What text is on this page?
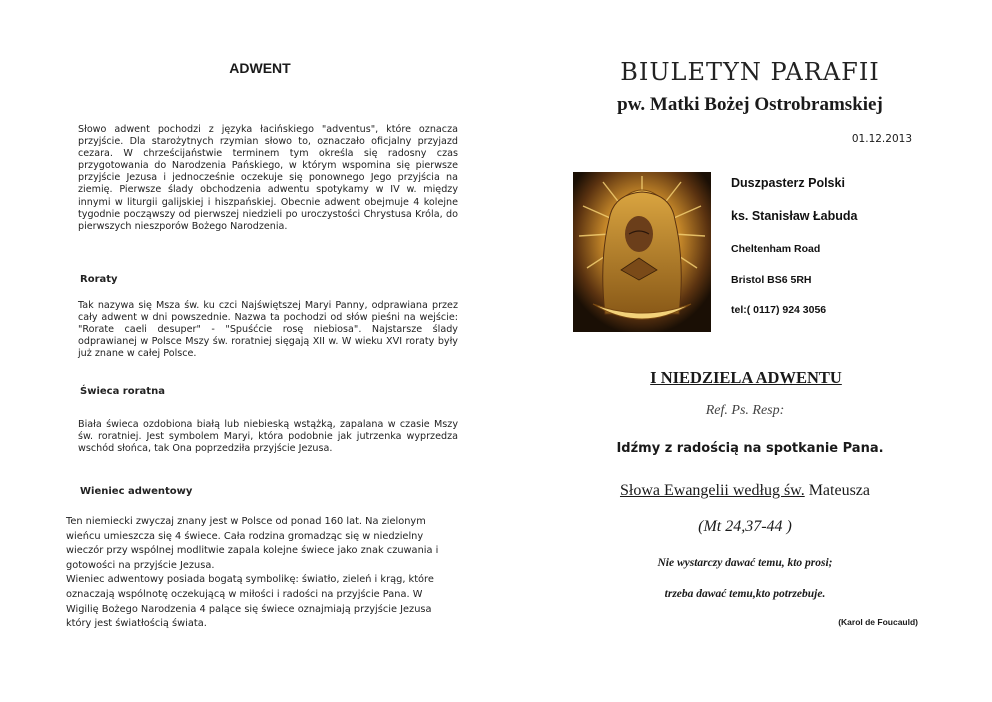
ADWENT
Słowo adwent pochodzi z języka łacińskiego "adventus", które oznacza przyjście. Dla starożytnych rzymian słowo to, oznaczało oficjalny przyjazd cezara. W chrześcijaństwie terminem tym określa się radosny czas przygotowania do Narodzenia Pańskiego, w którym wspomina się pierwsze przyjście Jezusa i jednocześnie oczekuje się ponownego Jego przyjścia na ziemię. Pierwsze ślady obchodzenia adwentu spotykamy w IV w. między innymi w liturgii galijskiej i hiszpańskiej. Obecnie adwent obejmuje 4 kolejne tygodnie począwszy od pierwszej niedzieli po uroczystości Chrystusa Króla, do pierwszych nieszporów Bożego Narodzenia.
Roraty
Tak nazywa się Msza św. ku czci Najświętszej Maryi Panny, odprawiana przez cały adwent w dni powszednie. Nazwa ta pochodzi od słów pieśni na wejście: "Rorate caeli desuper" - "Spuśćcie rosę niebiosa". Najstarsze ślady odprawianej w Polsce Mszy św. roratniej sięgają XII w. W wieku XVI roraty były już znane w całej Polsce.
Świeca roratna
Biała świeca ozdobiona białą lub niebieską wstążką, zapalana w czasie Mszy św. roratniej. Jest symbolem Maryi, która podobnie jak jutrzenka wyprzedza wschód słońca, tak Ona poprzedziła przyjście Jezusa.
Wieniec adwentowy
Ten niemiecki zwyczaj znany jest w Polsce od ponad 160 lat. Na zielonym wieńcu umieszcza się 4 świece. Cała rodzina gromadząc się w niedzielny wieczór przy wspólnej modlitwie zapala kolejne świece jako znak czuwania i gotowości na przyjście Jezusa.
Wieniec adwentowy posiada bogatą symbolikę: światło, zieleń i krąg, które oznaczają wspólnotę oczekującą w miłości i radości na przyjście Pana. W Wigilię Bożego Narodzenia 4 palące się świece oznajmiają przyjście Jezusa który jest światłością świata.
BIULETYN PARAFII
pw. Matki Bożej Ostrobramskiej
01.12.2013
Duszpasterz Polski
ks. Stanisław Łabuda
Cheltenham Road
Bristol BS6 5RH
tel:( 0117) 924 3056
I NIEDZIELA ADWENTU
Ref. Ps. Resp:
Idźmy z radością na spotkanie Pana.
Słowa Ewangelii według św. Mateusza
(Mt 24,37-44 )
Nie wystarczy dawać temu, kto prosi;
trzeba dawać temu,kto potrzebuje.
(Karol de Foucauld)
